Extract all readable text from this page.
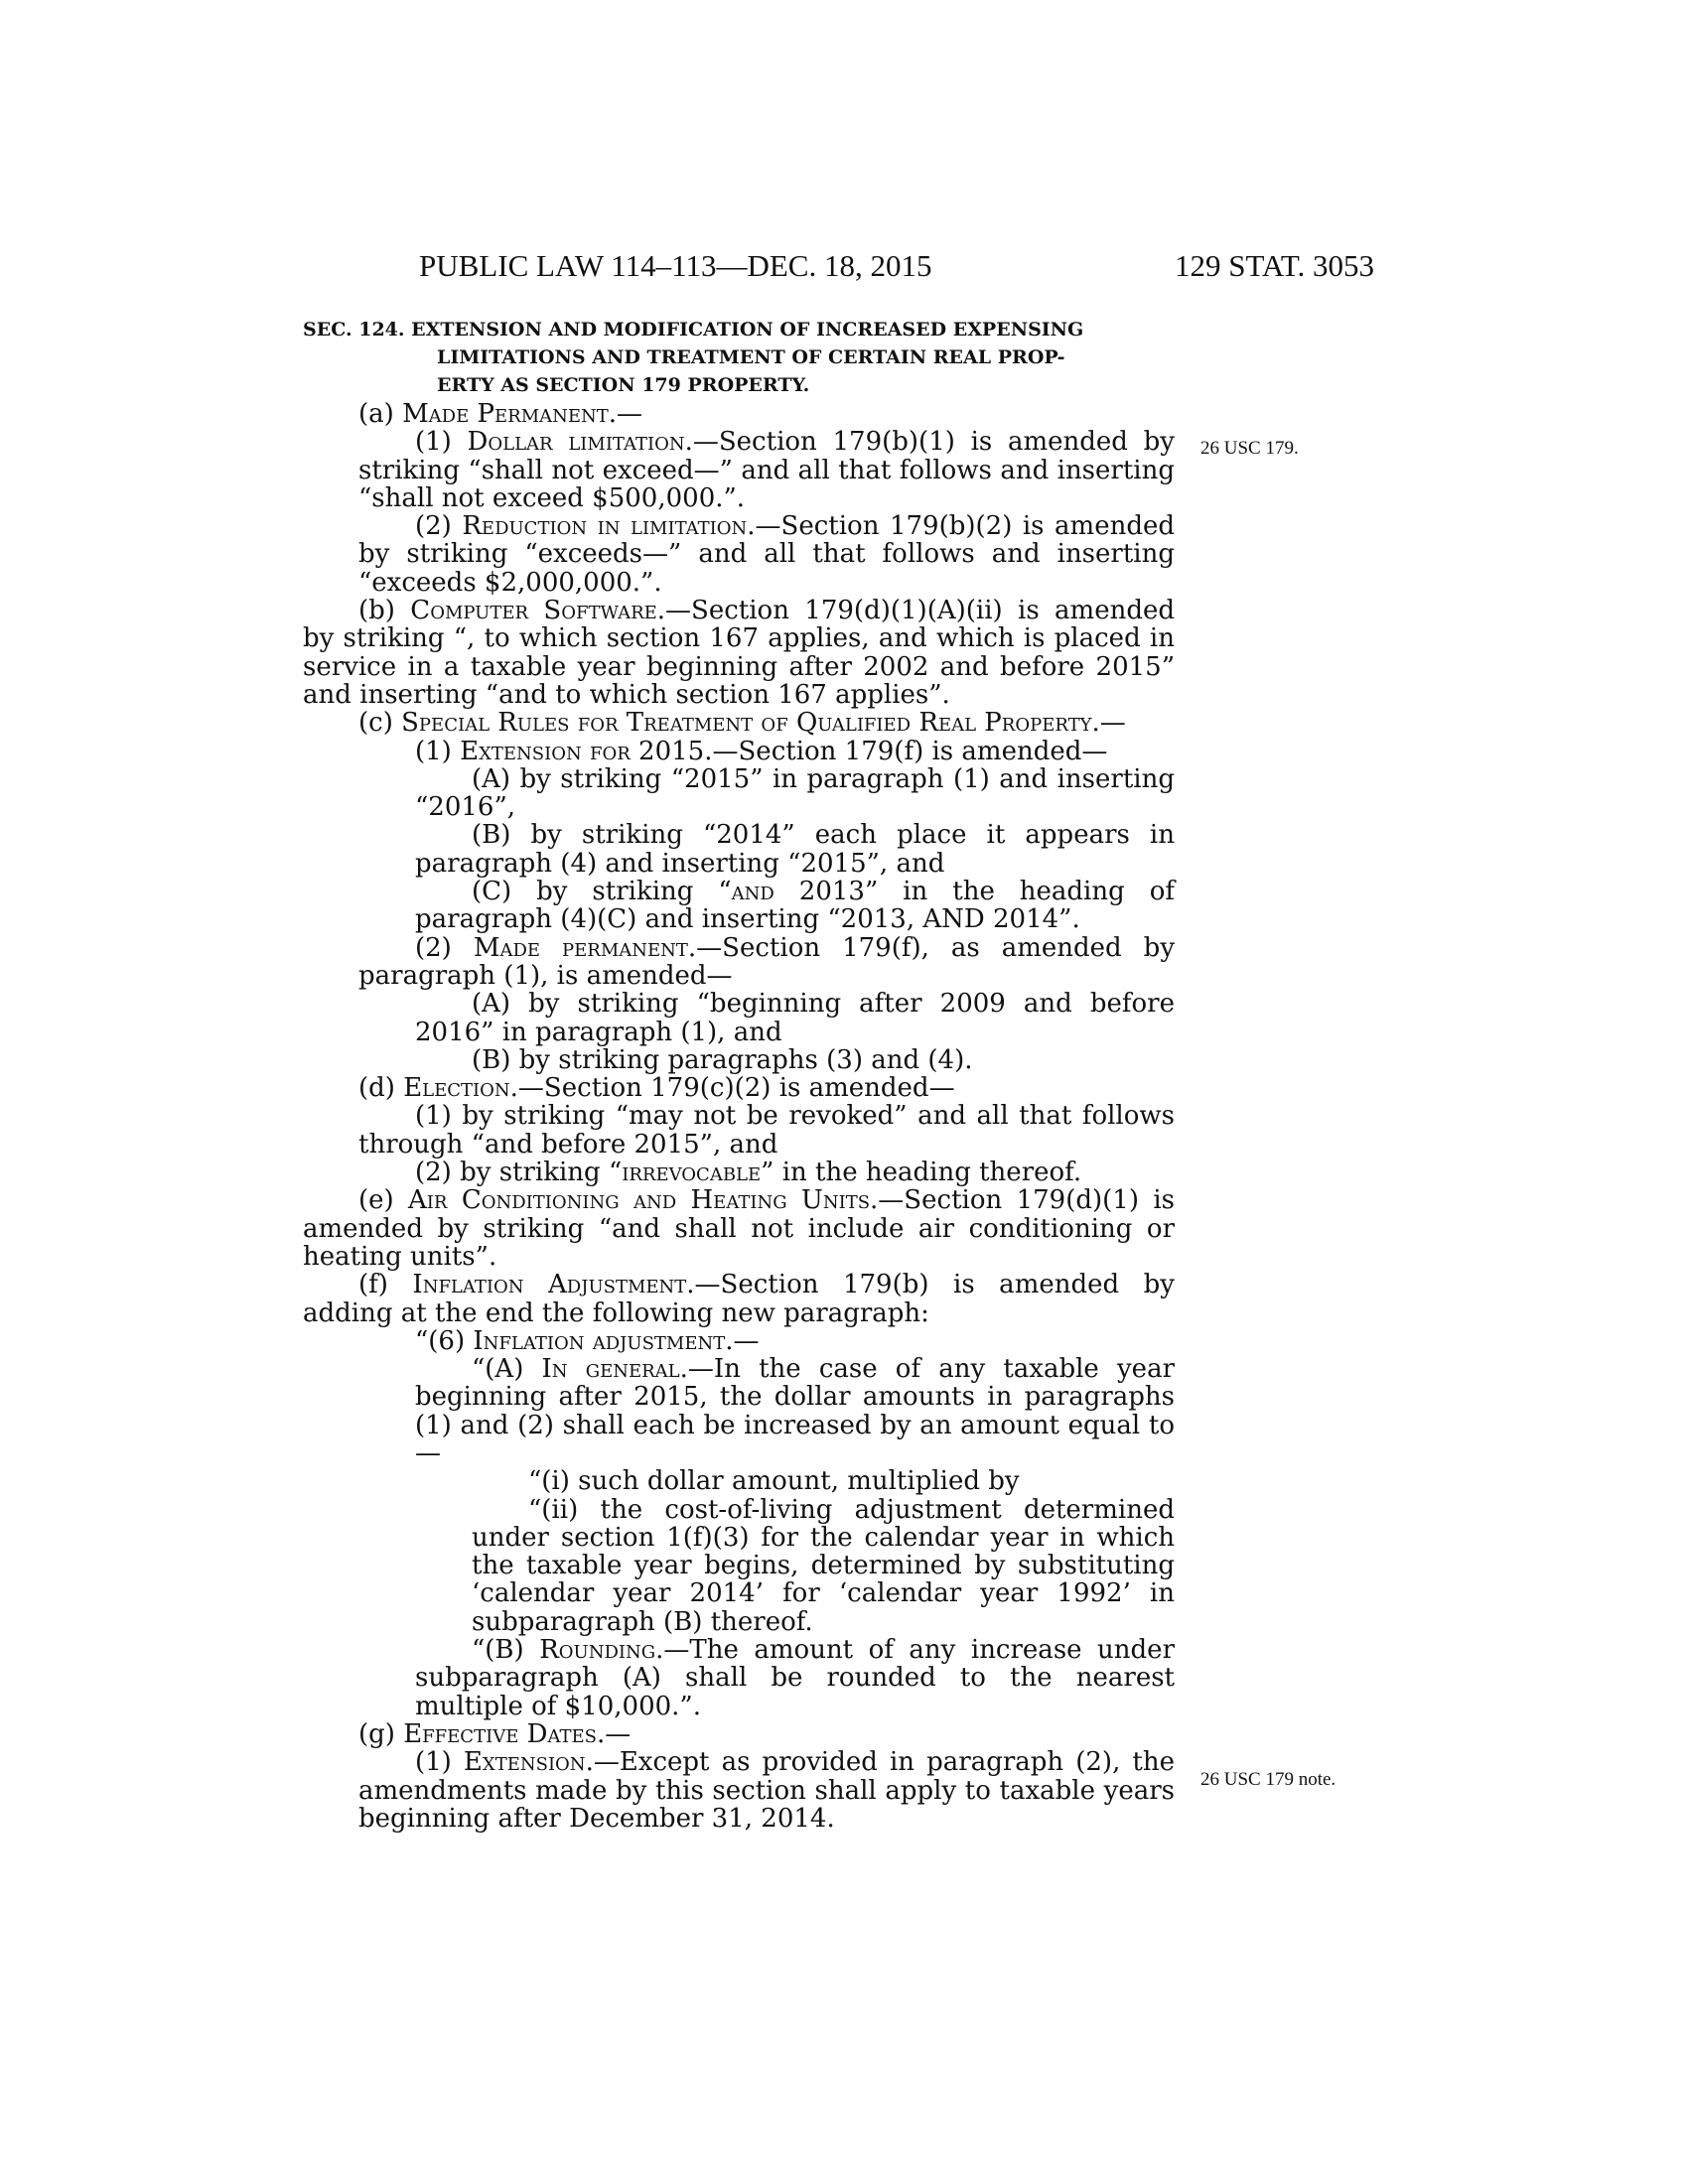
PUBLIC LAW 114–113—DEC. 18, 2015	129 STAT. 3053
SEC. 124. EXTENSION AND MODIFICATION OF INCREASED EXPENSING
LIMITATIONS AND TREATMENT OF CERTAIN REAL PROP-
ERTY AS SECTION 179 PROPERTY.
26 USC 179.
26 USC 179 note.

(a) Made Permanent.—

(1) Dollar limitation.—Section 179(b)(1) is amended by striking “shall not exceed—” and all that follows and inserting “shall not exceed $500,000.”.

(2) Reduction in limitation.—Section 179(b)(2) is amended by striking “exceeds—” and all that follows and inserting “exceeds $2,000,000.”.

(b) Computer Software.—Section 179(d)(1)(A)(ii) is amended by striking “, to which section 167 applies, and which is placed in service in a taxable year beginning after 2002 and before 2015” and inserting “and to which section 167 applies”.

(c) Special Rules for Treatment of Qualified Real Property.—

(1) Extension for 2015.—Section 179(f) is amended—

(A) by striking “2015” in paragraph (1) and inserting “2016”,

(B) by striking “2014” each place it appears in paragraph (4) and inserting “2015”, and

(C) by striking “and 2013” in the heading of paragraph (4)(C) and inserting “2013, AND 2014”.

(2) Made permanent.—Section 179(f), as amended by paragraph (1), is amended—

(A) by striking “beginning after 2009 and before 2016” in paragraph (1), and

(B) by striking paragraphs (3) and (4).

(d) Election.—Section 179(c)(2) is amended—

(1) by striking “may not be revoked” and all that follows through “and before 2015”, and

(2) by striking “irrevocable” in the heading thereof.

(e) Air Conditioning and Heating Units.—Section 179(d)(1) is amended by striking “and shall not include air conditioning or heating units”.

(f) Inflation Adjustment.—Section 179(b) is amended by adding at the end the following new paragraph:

“(6) Inflation adjustment.—

“(A) In general.—In the case of any taxable year beginning after 2015, the dollar amounts in paragraphs (1) and (2) shall each be increased by an amount equal to—

“(i) such dollar amount, multiplied by

“(ii) the cost-of-living adjustment determined under section 1(f)(3) for the calendar year in which the taxable year begins, determined by substituting ‘calendar year 2014’ for ‘calendar year 1992’ in subparagraph (B) thereof.

“(B) Rounding.—The amount of any increase under subparagraph (A) shall be rounded to the nearest multiple of $10,000.”.

(g) Effective Dates.—

(1) Extension.—Except as provided in paragraph (2), the amendments made by this section shall apply to taxable years beginning after December 31, 2014.
